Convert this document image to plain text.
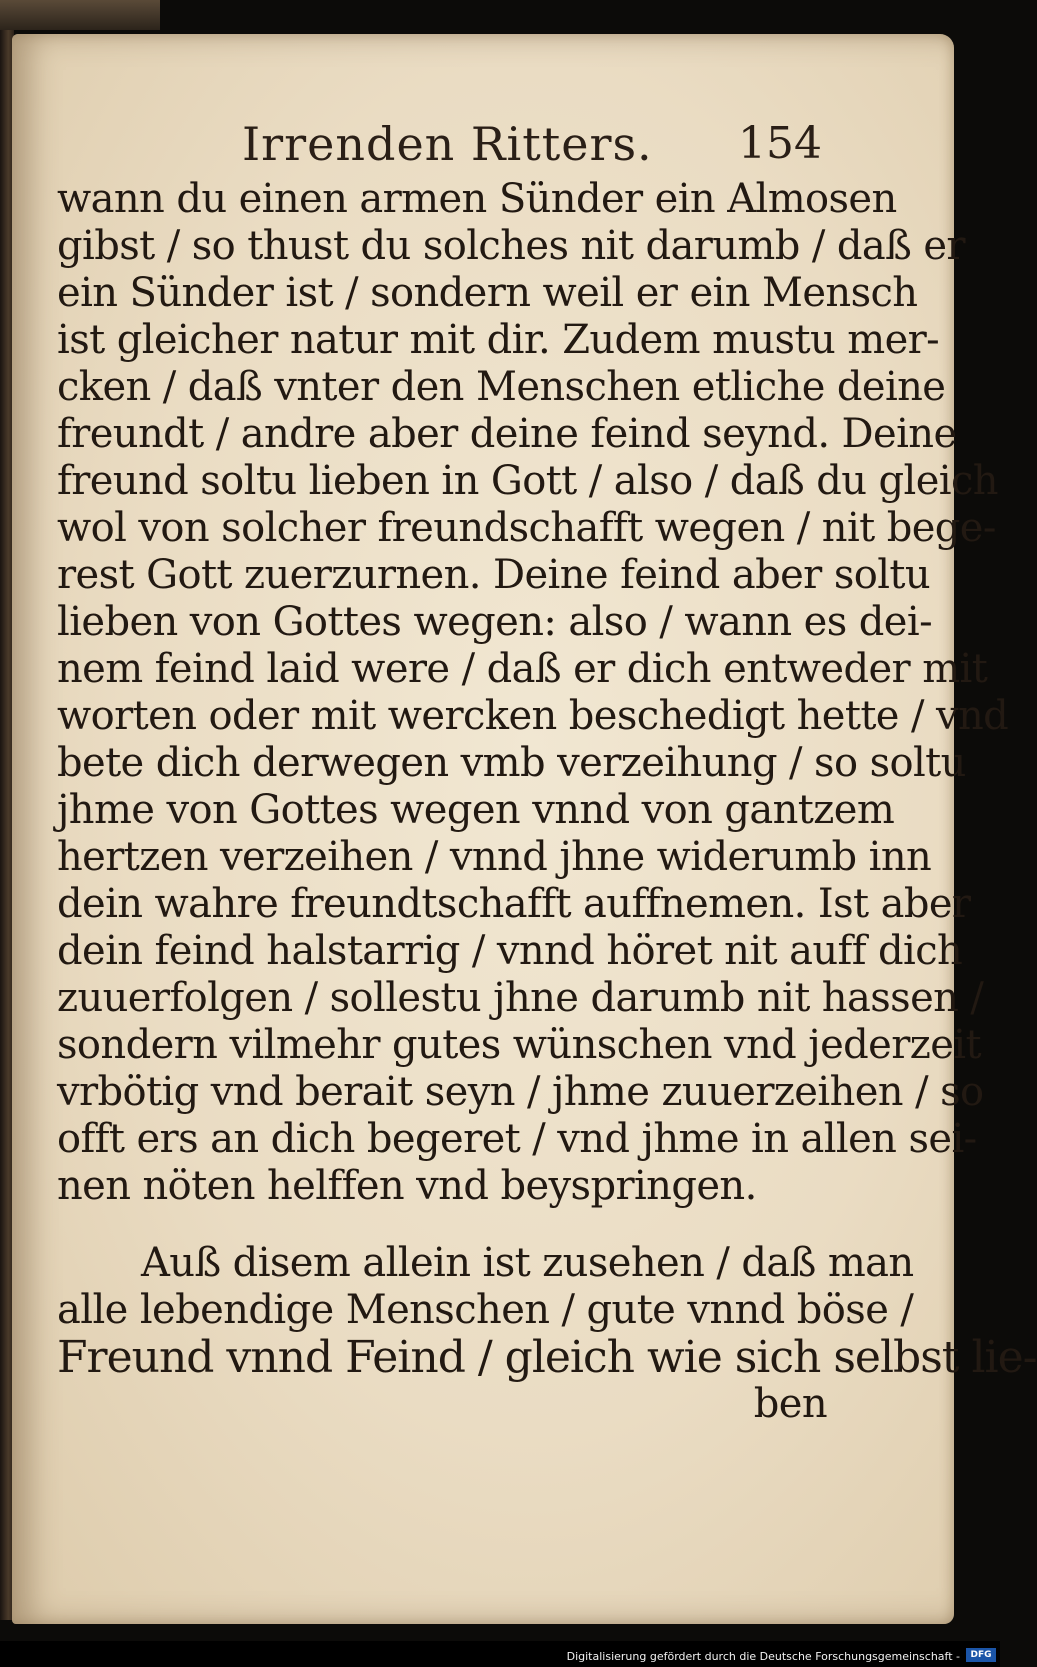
Irrenden Ritters. 154
wann du einen armen Sünder ein Almosen
gibst / so thust du solches nit darumb / daß er
ein Sünder ist / sondern weil er ein Mensch
ist gleicher natur mit dir. Zudem mustu mer-
cken / daß vnter den Menschen etliche deine
freundt / andre aber deine feind seynd. Deine
freund soltu lieben in Gott / also / daß du gleich
wol von solcher freundschafft wegen / nit bege-
rest Gott zuerzurnen. Deine feind aber soltu
lieben von Gottes wegen: also / wann es dei-
nem feind laid were / daß er dich entweder mit
worten oder mit wercken beschedigt hette / vnd
bete dich derwegen vmb verzeihung / so soltu
jhme von Gottes wegen vnnd von gantzem
hertzen verzeihen / vnnd jhne widerumb inn
dein wahre freundtschafft auffnemen. Ist aber
dein feind halstarrig / vnnd höret nit auff dich
zuuerfolgen / sollestu jhne darumb nit hassen /
sondern vilmehr gutes wünschen vnd jederzeit
vrbötig vnd berait seyn / jhme zuuerzeihen / so
offt ers an dich begeret / vnd jhme in allen sei-
nen nöten helffen vnd beyspringen.
Auß disem allein ist zusehen / daß man
alle lebendige Menschen / gute vnnd böse /
Freund vnnd Feind / gleich wie sich selbst lie-
ben
Digitalisierung gefördert durch die Deutsche Forschungsgemeinschaft -	DFG
